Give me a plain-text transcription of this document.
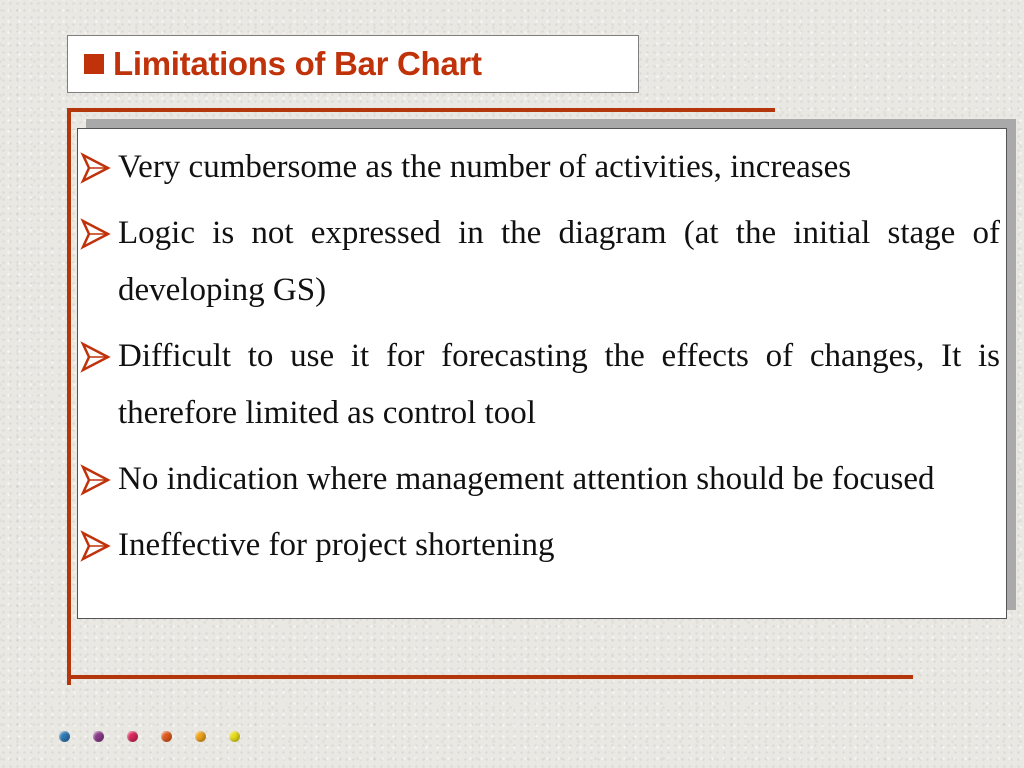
Limitations of Bar Chart
Very cumbersome as the number of activities, increases
Logic is not expressed in the diagram (at the initial stage of developing GS)
Difficult to use it for forecasting the effects of changes, It is therefore limited as control tool
No indication where management attention should be focused
Ineffective for project shortening
